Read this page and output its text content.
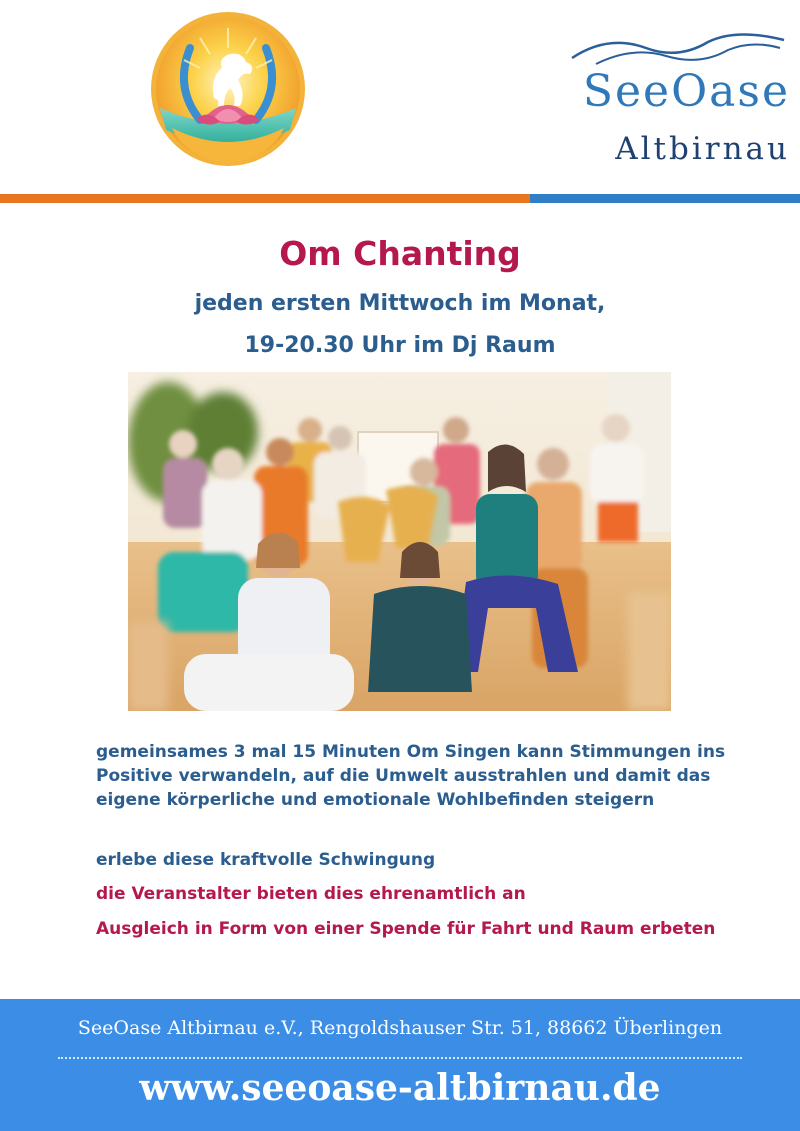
SeeOase
Altbirnau
Om Chanting
jeden ersten Mittwoch im Monat,
19-20.30 Uhr im Dj Raum
gemeinsames 3 mal 15 Minuten Om Singen kann Stimmungen ins Positive verwandeln, auf die Umwelt ausstrahlen und damit das eigene körperliche und emotionale Wohlbefinden steigern
erlebe diese kraftvolle Schwingung
die Veranstalter bieten dies ehrenamtlich an
Ausgleich in Form von einer Spende für Fahrt und Raum erbeten
SeeOase Altbirnau e.V., Rengoldshauser Str. 51, 88662 Überlingen
www.seeoase-altbirnau.de
